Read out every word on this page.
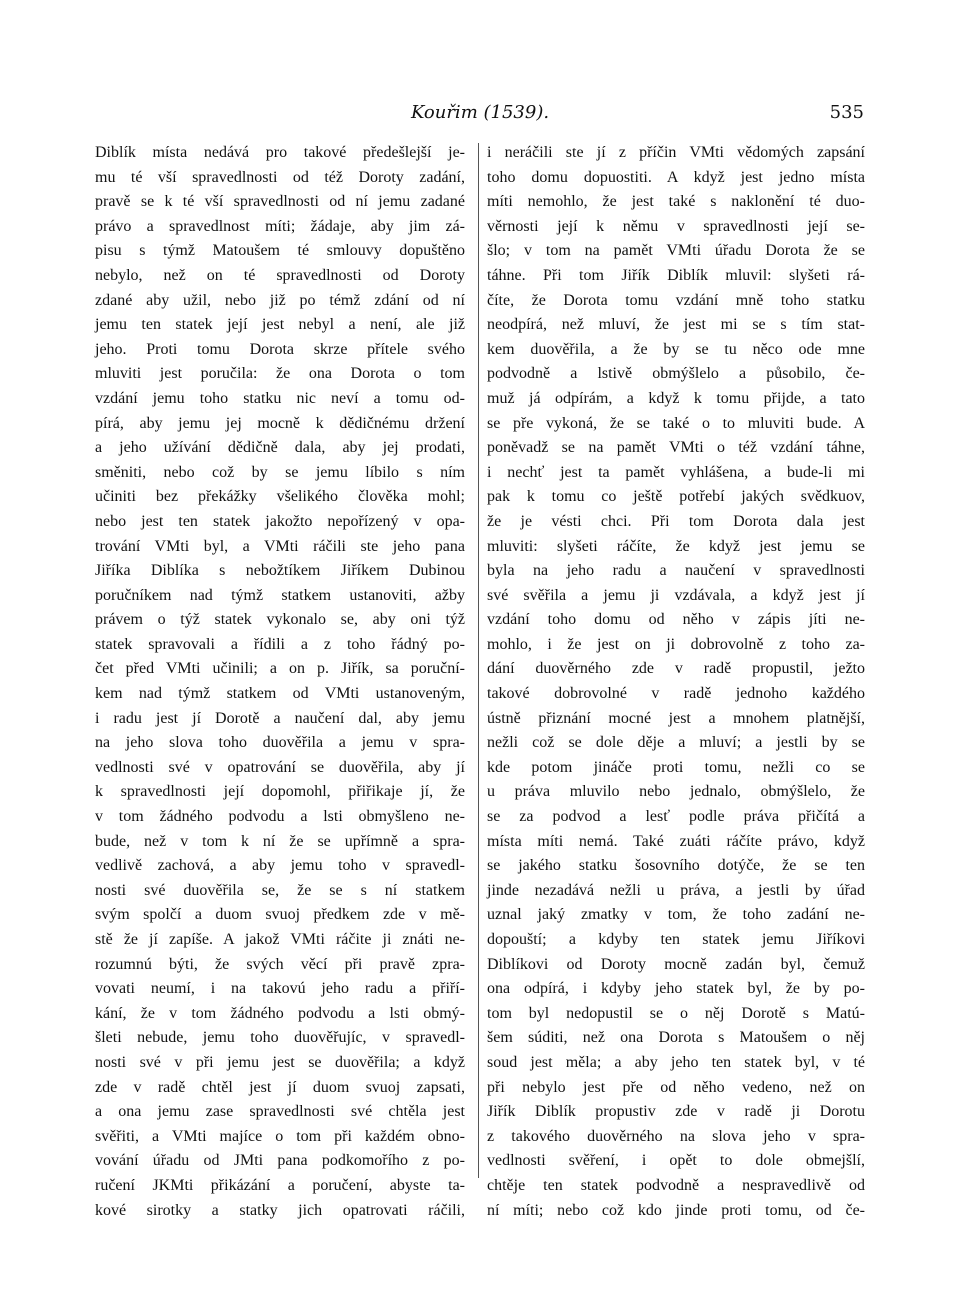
Kouřim (1539).	535
Diblík místa nedává pro takové předešlejší je-
mu té vší spravedlnosti od též Doroty zadání,
pravě se k té vší spravedlnosti od ní jemu zadané
právo a spravedlnost míti; žádaje, aby jim zá-
pisu s týmž Matoušem té smlouvy dopuštěno
nebylo, než on té spravedlnosti od Doroty
zdané aby užil, nebo již po témž zdání od ní
jemu ten statek její jest nebyl a není, ale již
jeho. Proti tomu Dorota skrze přítele svého
mluviti jest poručila: že ona Dorota o tom
vzdání jemu toho statku nic neví a tomu od-
pírá, aby jemu jej mocně k dědičnému držení
a jeho užívání dědičně dala, aby jej prodati,
směniti, nebo což by se jemu líbilo s ním
učiniti bez překážky všelikého člověka mohl;
nebo jest ten statek jakožto nepořízený v opa-
trování VMti byl, a VMti ráčili ste jeho pana
Jiříka Diblíka s nebožtíkem Jiříkem Dubinou
poručníkem nad týmž statkem ustanoviti, ažby
právem o týž statek vykonalo se, aby oni týž
statek spravovali a řídili a z toho řádný po-
čet před VMti učinili; a on p. Jiřík, sa poruční-
kem nad týmž statkem od VMti ustanoveným,
i radu jest jí Dorotě a naučení dal, aby jemu
na jeho slova toho duověřila a jemu v spra-
vedlnosti své v opatrování se duověřila, aby jí
k spravedlnosti její dopomohl, přiřikaje jí, že
v tom žádného podvodu a lsti obmyšleno ne-
bude, než v tom k ní že se upřímně a spra-
vedlivě zachová, a aby jemu toho v spravedl-
nosti své duověřila se, že se s ní statkem
svým spolčí a duom svuoj předkem zde v mě-
stě že jí zapíše. A jakož VMti ráčite ji znáti ne-
rozumnú býti, že svých věcí při pravě zpra-
vovati neumí, i na takovú jeho radu a přiří-
kání, že v tom žádného podvodu a lsti obmý-
šleti nebude, jemu toho duověřujíc, v spravedl-
nosti své v při jemu jest se duověřila; a když
zde v radě chtěl jest jí duom svuoj zapsati,
a ona jemu zase spravedlnosti své chtěla jest
svěřiti, a VMti majíce o tom při každém obno-
vování úřadu od JMti pana podkomořího z po-
ručení JKMti přikázání a poručení, abyste ta-
kové sirotky a statky jich opatrovati ráčili,
i neráčili ste jí z příčin VMti vědomých zapsání
toho domu dopuostiti. A když jest jedno místa
míti nemohlo, že jest také s naklonění té duo-
věrnosti její k němu v spravedlnosti její se-
šlo; v tom na pamět VMti úřadu Dorota že se
táhne. Při tom Jiřík Diblík mluvil: slyšeti rá-
číte, že Dorota tomu vzdání mně toho statku
neodpírá, než mluví, že jest mi se s tím stat-
kem duověřila, a že by se tu něco ode mne
podvodně a lstivě obmýšlelo a působilo, če-
muž já odpírám, a když k tomu přijde, a tato
se pře vykoná, že se také o to mluviti bude. A
poněvadž se na pamět VMti o též vzdání táhne,
i nechť jest ta pamět vyhlášena, a bude-li mi
pak k tomu co ještě potřebí jakých svědkuov,
že je vésti chci. Při tom Dorota dala jest
mluviti: slyšeti ráčíte, že když jest jemu se
byla na jeho radu a naučení v spravedlnosti
své svěřila a jemu ji vzdávala, a když jest jí
vzdání toho domu od něho v zápis jíti ne-
mohlo, i že jest on ji dobrovolně z toho za-
dání duověrného zde v radě propustil, ježto
takové dobrovolné v radě jednoho každého
ústně přiznání mocné jest a mnohem platnější,
nežli což se dole děje a mluví; a jestli by se
kde potom jináče proti tomu, nežli co se
u práva mluvilo nebo jednalo, obmýšlelo, že
se za podvod a lesť podle práva přičítá a
místa míti nemá. Také zuáti ráčíte právo, když
se jakého statku šosovního dotýče, že se ten
jinde nezadává nežli u práva, a jestli by úřad
uznal jaký zmatky v tom, že toho zadání ne-
dopouští; a kdyby ten statek jemu Jiříkovi
Diblíkovi od Doroty mocně zadán byl, čemuž
ona odpírá, i kdyby jeho statek byl, že by po-
tom byl nedopustil se o něj Dorotě s Matú-
šem súditi, než ona Dorota s Matoušem o něj
soud jest měla; a aby jeho ten statek byl, v té
při nebylo jest pře od něho vedeno, než on
Jiřík Diblík propustiv zde v radě ji Dorotu
z takového duověrného na slova jeho v spra-
vedlnosti svěření, i opět to dole obmejšlí,
chtěje ten statek podvodně a nespravedlivě od
ní míti; nebo což kdo jinde proti tomu, od če-
